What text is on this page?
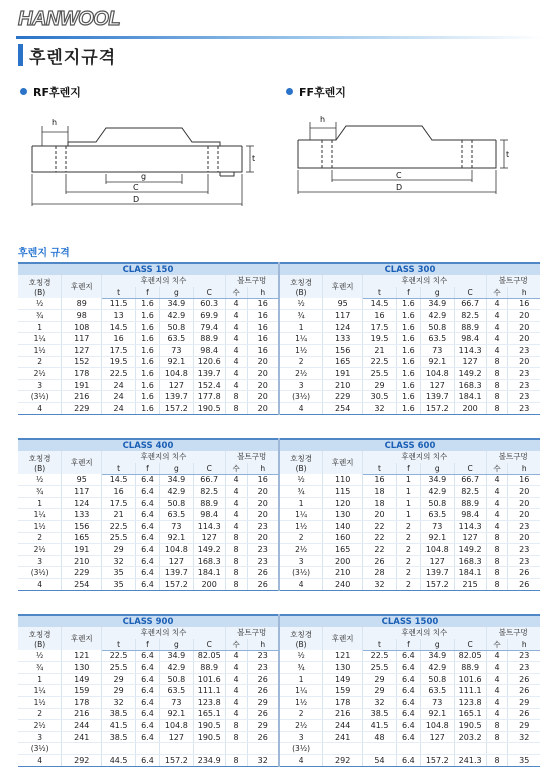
HANWOOL
후렌지규격
RF후렌지	FF후렌지
h
t
g
C
D
h
t
C
D
후렌지 규격
CLASS 150								CLASS 300							
호칭경
(B)	후렌지	후렌지의 치수				볼트구멍		호칭경
(B)	후렌지	후렌지의 치수				볼트구멍	
		t	f	g	C	수	h			t	f	g	C	수	h
½	89	11.5	1.6	34.9	60.3	4	16	½	95	14.5	1.6	34.9	66.7	4	16
¾	98	13	1.6	42.9	69.9	4	16	¾	117	16	1.6	42.9	82.5	4	20
1	108	14.5	1.6	50.8	79.4	4	16	1	124	17.5	1.6	50.8	88.9	4	20
1¼	117	16	1.6	63.5	88.9	4	16	1¼	133	19.5	1.6	63.5	98.4	4	20
1½	127	17.5	1.6	73	98.4	4	16	1½	156	21	1.6	73	114.3	4	23
2	152	19.5	1.6	92.1	120.6	4	20	2	165	22.5	1.6	92.1	127	8	20
2½	178	22.5	1.6	104.8	139.7	4	20	2½	191	25.5	1.6	104.8	149.2	8	23
3	191	24	1.6	127	152.4	4	20	3	210	29	1.6	127	168.3	8	23
(3½)	216	24	1.6	139.7	177.8	8	20	(3½)	229	30.5	1.6	139.7	184.1	8	23
4	229	24	1.6	157.2	190.5	8	20	4	254	32	1.6	157.2	200	8	23
CLASS 400								CLASS 600							
호칭경
(B)	후렌지	후렌지의 치수				볼트구멍		호칭경
(B)	후렌지	후렌지의 치수				볼트구멍	
		t	f	g	C	수	h			t	f	g	C	수	h
½	95	14.5	6.4	34.9	66.7	4	16	½	110	16	1	34.9	66.7	4	16
¾	117	16	6.4	42.9	82.5	4	20	¾	115	18	1	42.9	82.5	4	20
1	124	17.5	6.4	50.8	88.9	4	20	1	120	18	1	50.8	88.9	4	20
1¼	133	21	6.4	63.5	98.4	4	20	1¼	130	20	1	63.5	98.4	4	20
1½	156	22.5	6.4	73	114.3	4	23	1½	140	22	2	73	114.3	4	23
2	165	25.5	6.4	92.1	127	8	20	2	160	22	2	92.1	127	8	20
2½	191	29	6.4	104.8	149.2	8	23	2½	165	22	2	104.8	149.2	8	23
3	210	32	6.4	127	168.3	8	23	3	200	26	2	127	168.3	8	23
(3½)	229	35	6.4	139.7	184.1	8	26	(3½)	210	28	2	139.7	184.1	8	26
4	254	35	6.4	157.2	200	8	26	4	240	32	2	157.2	215	8	26
CLASS 900								CLASS 1500							
호칭경
(B)	후렌지	후렌지의 치수				볼트구멍		호칭경
(B)	후렌지	후렌지의 치수				볼트구멍	
		t	f	g	C	수	h			t	f	g	C	수	h
½	121	22.5	6.4	34.9	82.05	4	23	½	121	22.5	6.4	34.9	82.05	4	23
¾	130	25.5	6.4	42.9	88.9	4	23	¾	130	25.5	6.4	42.9	88.9	4	23
1	149	29	6.4	50.8	101.6	4	26	1	149	29	6.4	50.8	101.6	4	26
1¼	159	29	6.4	63.5	111.1	4	26	1¼	159	29	6.4	63.5	111.1	4	26
1½	178	32	6.4	73	123.8	4	29	1½	178	32	6.4	73	123.8	4	29
2	216	38.5	6.4	92.1	165.1	4	26	2	216	38.5	6.4	92.1	165.1	4	26
2½	244	41.5	6.4	104.8	190.5	8	29	2½	244	41.5	6.4	104.8	190.5	8	29
3	241	38.5	6.4	127	190.5	8	26	3	241	48	6.4	127	203.2	8	32
(3½)								(3½)							
4	292	44.5	6.4	157.2	234.9	8	32	4	292	54	6.4	157.2	241.3	8	35
